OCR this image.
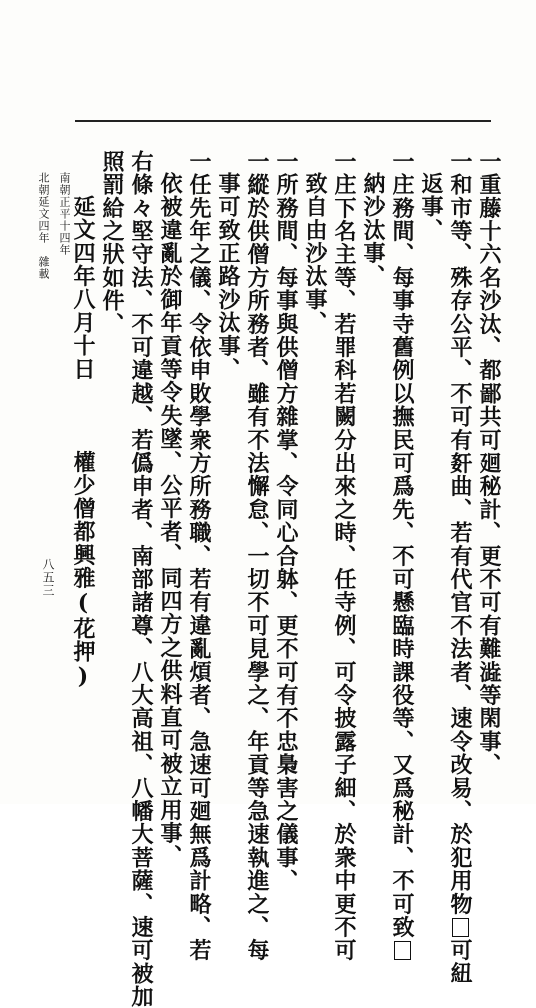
一重藤十六名沙汰、都鄙共可廻秘計、更不可有難澁等閑事、
一和市等、殊存公平、不可有姧曲、若有代官不法者、速令改易、於犯用物可紐
返事、
一庄務間、每事寺舊例以撫民可爲先、不可懸臨時課役等、又爲秘計、不可致
納沙汰事、
一庄下名主等、若罪科若闕分出來之時、任寺例、可令披露子細、於衆中更不可
致自由沙汰事、
一所務間、每事與供僧方雜掌、令同心合躰、更不可有不忠梟害之儀事、
一縱於供僧方所務者、雖有不法懈怠、一切不可見學之、年貢等急速執進之、每
事可致正路沙汰事、
一任先年之儀、令依申敗學衆方所務職、若有違亂煩者、急速可廻無爲計略、若
依被違亂於御年貢等令失墜、公平者、同四方之供料直可被立用事、
右條々堅守法、不可違越、若僞申者、南部諸尊、八大高祖、八幡大菩薩、速可被加
照罰給之狀如件、
延文四年八月十日權少僧都興雅(花押)
南朝正平十四年
北朝延文四年　雜載
八五三
